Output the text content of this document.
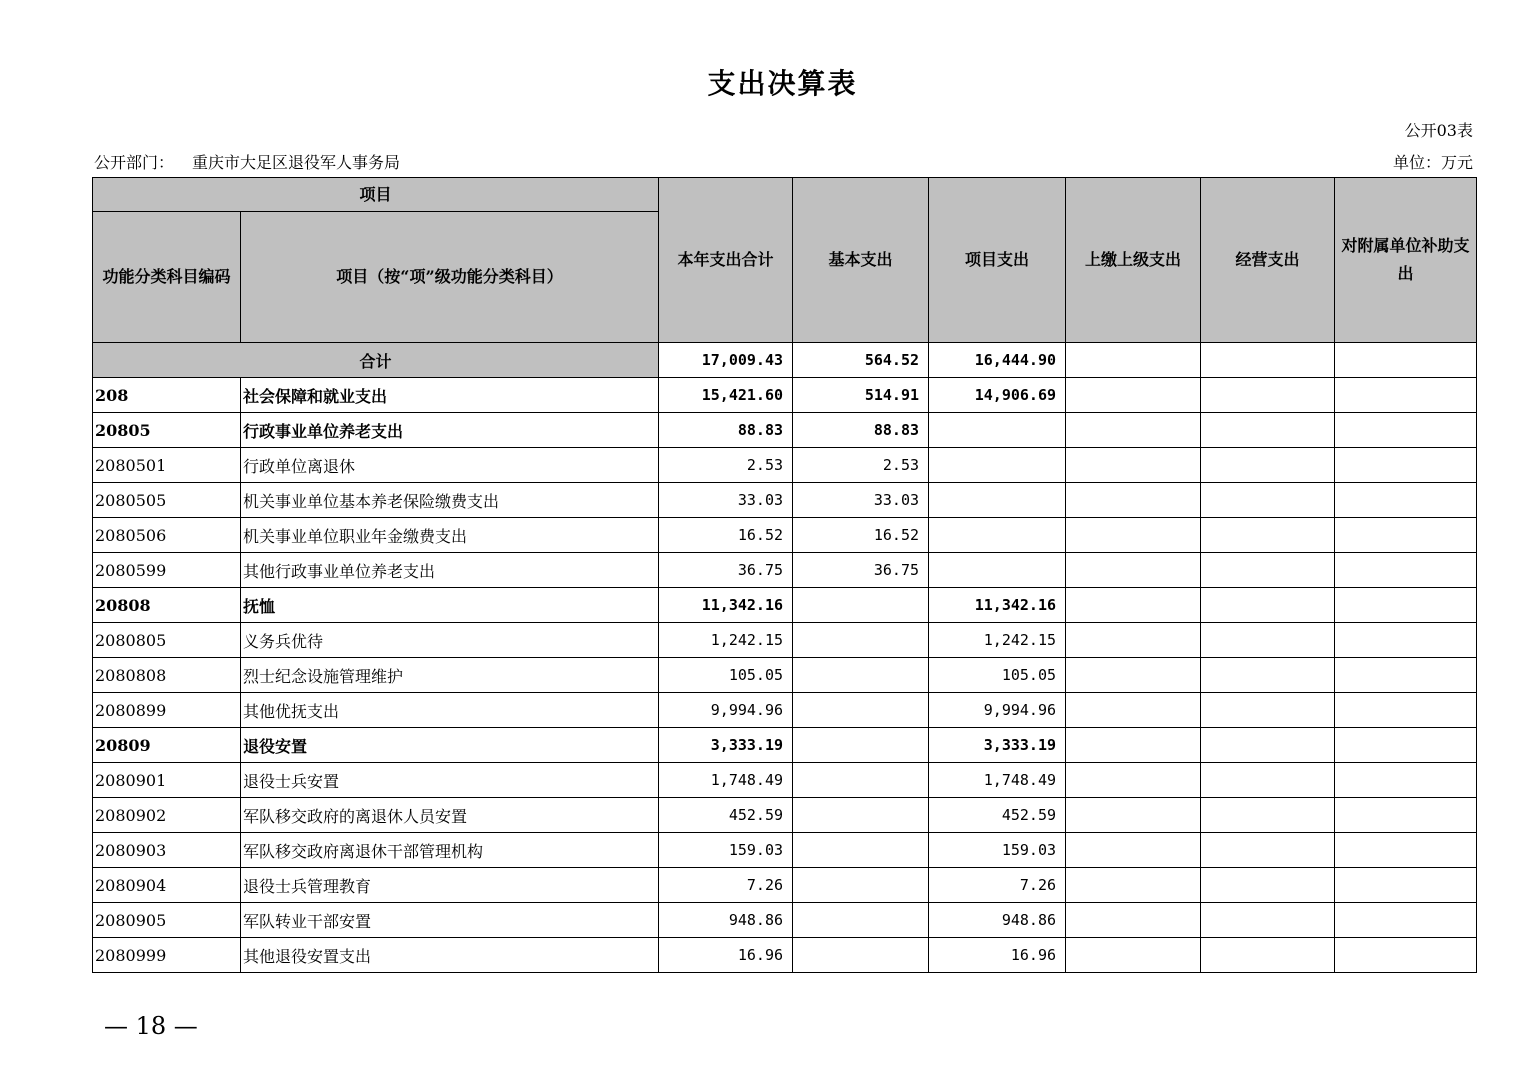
支出决算表
公开03表
公开部门： 重庆市大足区退役军人事务局	单位：万元
项目		本年支出合计	基本支出	项目支出	上缴上级支出	经营支出	对附属单位补助支出
功能分类科目编码	项目（按“项”级功能分类科目）						
合计		17,009.43	564.52	16,444.90			
208	社会保障和就业支出	15,421.60	514.91	14,906.69			
20805	行政事业单位养老支出	88.83	88.83				
2080501	行政单位离退休	2.53	2.53				
2080505	机关事业单位基本养老保险缴费支出	33.03	33.03				
2080506	机关事业单位职业年金缴费支出	16.52	16.52				
2080599	其他行政事业单位养老支出	36.75	36.75				
20808	抚恤	11,342.16		11,342.16			
2080805	义务兵优待	1,242.15		1,242.15			
2080808	烈士纪念设施管理维护	105.05		105.05			
2080899	其他优抚支出	9,994.96		9,994.96			
20809	退役安置	3,333.19		3,333.19			
2080901	退役士兵安置	1,748.49		1,748.49			
2080902	军队移交政府的离退休人员安置	452.59		452.59			
2080903	军队移交政府离退休干部管理机构	159.03		159.03			
2080904	退役士兵管理教育	7.26		7.26			
2080905	军队转业干部安置	948.86		948.86			
2080999	其他退役安置支出	16.96		16.96			
— 18 —
